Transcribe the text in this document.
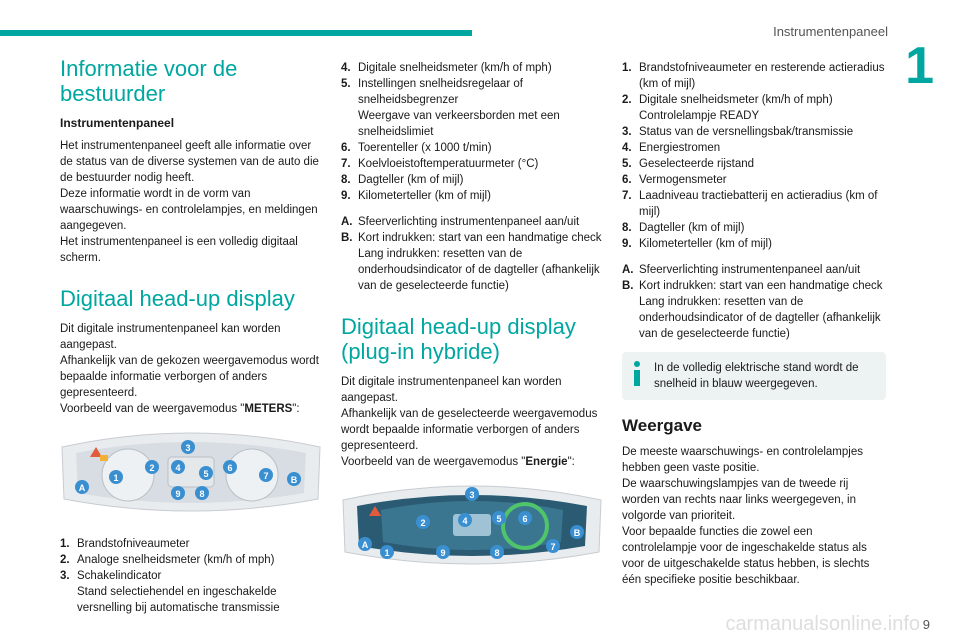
Instrumentenpaneel
1
carmanualsonline.info 9
Informatie voor de bestuurder
Instrumentenpaneel
Het instrumentenpaneel geeft alle informatie over de status van de diverse systemen van de auto die de bestuurder nodig heeft.
Deze informatie wordt in de vorm van waarschuwings- en controlelampjes, en meldingen aangegeven.
Het instrumentenpaneel is een volledig digitaal scherm.
Digitaal head-up display
Dit digitale instrumentenpaneel kan worden aangepast.
Afhankelijk van de gekozen weergavemodus wordt bepaalde informatie verborgen of anders gepresenteerd.
Voorbeeld van de weergavemodus "METERS":
A
1
2
3
4
5
6
7
8
9
B
1. Brandstofniveaumeter
2. Analoge snelheidsmeter (km/h of mph)
3. Schakelindicator
Stand selectiehendel en ingeschakelde versnelling bij automatische transmissie
4. Digitale snelheidsmeter (km/h of mph)
5. Instellingen snelheidsregelaar of snelheidsbegrenzer
Weergave van verkeersborden met een snelheidslimiet
6. Toerenteller (x 1000 t/min)
7. Koelvloeistoftemperatuurmeter (°C)
8. Dagteller (km of mijl)
9. Kilometerteller (km of mijl)
A. Sfeerverlichting instrumentenpaneel aan/uit
B. Kort indrukken: start van een handmatige check
Lang indrukken: resetten van de onderhoudsindicator of de dagteller (afhankelijk van de geselecteerde functie)
Digitaal head-up display (plug-in hybride)
Dit digitale instrumentenpaneel kan worden aangepast.
Afhankelijk van de geselecteerde weergavemodus wordt bepaalde informatie verborgen of anders gepresenteerd.
Voorbeeld van de weergavemodus "Energie":
A
1
2
3
4	5 6
7
8
9
B
1. Brandstofniveaumeter en resterende actieradius (km of mijl)
2. Digitale snelheidsmeter (km/h of mph)
Controlelampje READY
3. Status van de versnellingsbak/transmissie
4. Energiestromen
5. Geselecteerde rijstand
6. Vermogensmeter
7. Laadniveau tractiebatterij en actieradius (km of mijl)
8. Dagteller (km of mijl)
9. Kilometerteller (km of mijl)
A. Sfeerverlichting instrumentenpaneel aan/uit
B. Kort indrukken: start van een handmatige check
Lang indrukken: resetten van de onderhoudsindicator of de dagteller (afhankelijk van de geselecteerde functie)
In de volledig elektrische stand wordt de snelheid in blauw weergegeven.
Weergave
De meeste waarschuwings- en controlelampjes hebben geen vaste positie.
De waarschuwingslampjes van de tweede rij worden van rechts naar links weergegeven, in volgorde van prioriteit.
Voor bepaalde functies die zowel een controlelampje voor de ingeschakelde status als voor de uitgeschakelde status hebben, is slechts één specifieke positie beschikbaar.
